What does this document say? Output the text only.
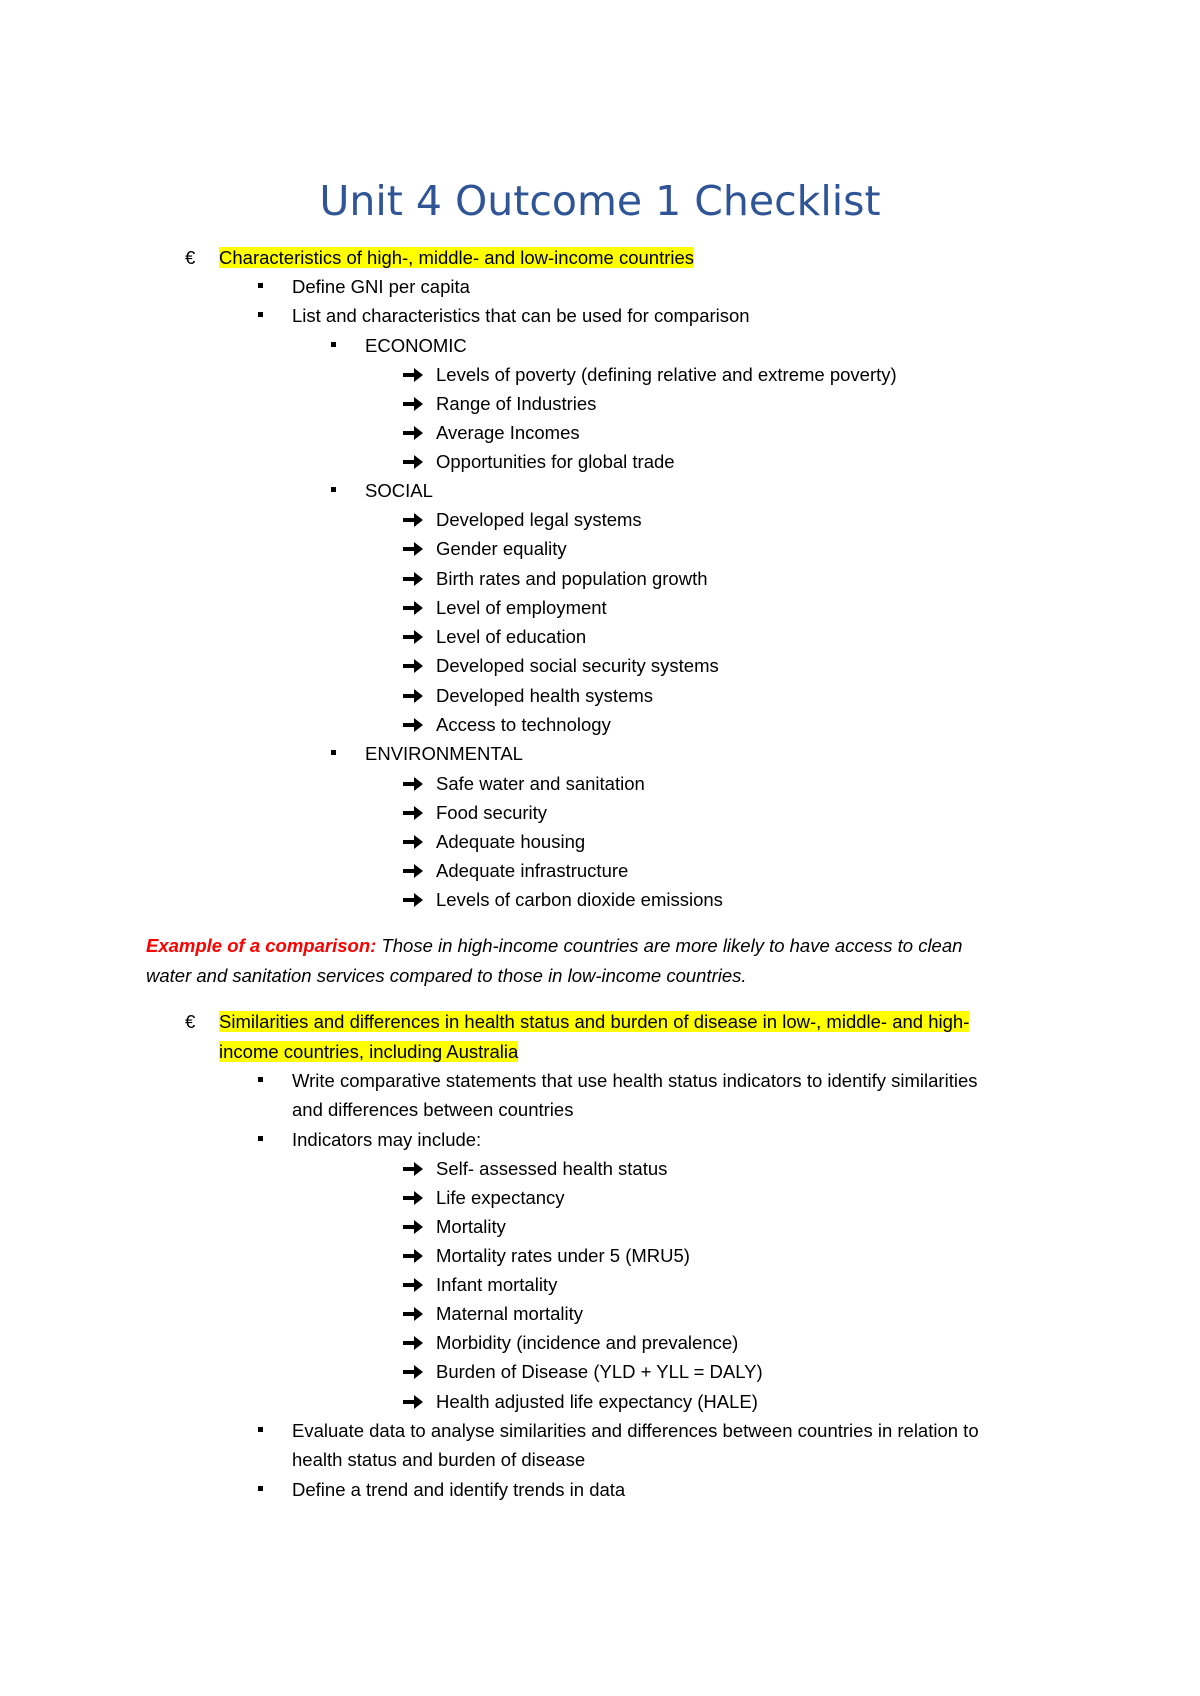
Unit 4 Outcome 1 Checklist
€ Characteristics of high-, middle- and low-income countries
Define GNI per capita
List and characteristics that can be used for comparison
ECONOMIC
Levels of poverty (defining relative and extreme poverty)
Range of Industries
Average Incomes
Opportunities for global trade
SOCIAL
Developed legal systems
Gender equality
Birth rates and population growth
Level of employment
Level of education
Developed social security systems
Developed health systems
Access to technology
ENVIRONMENTAL
Safe water and sanitation
Food security
Adequate housing
Adequate infrastructure
Levels of carbon dioxide emissions
Example of a comparison: Those in high-income countries are more likely to have access to clean
water and sanitation services compared to those in low-income countries.
€ Similarities and differences in health status and burden of disease in low-, middle- and high-
income countries, including Australia
Write comparative statements that use health status indicators to identify similarities
and differences between countries
Indicators may include:
Self- assessed health status
Life expectancy
Mortality
Mortality rates under 5 (MRU5)
Infant mortality
Maternal mortality
Morbidity (incidence and prevalence)
Burden of Disease (YLD + YLL = DALY)
Health adjusted life expectancy (HALE)
Evaluate data to analyse similarities and differences between countries in relation to
health status and burden of disease
Define a trend and identify trends in data
